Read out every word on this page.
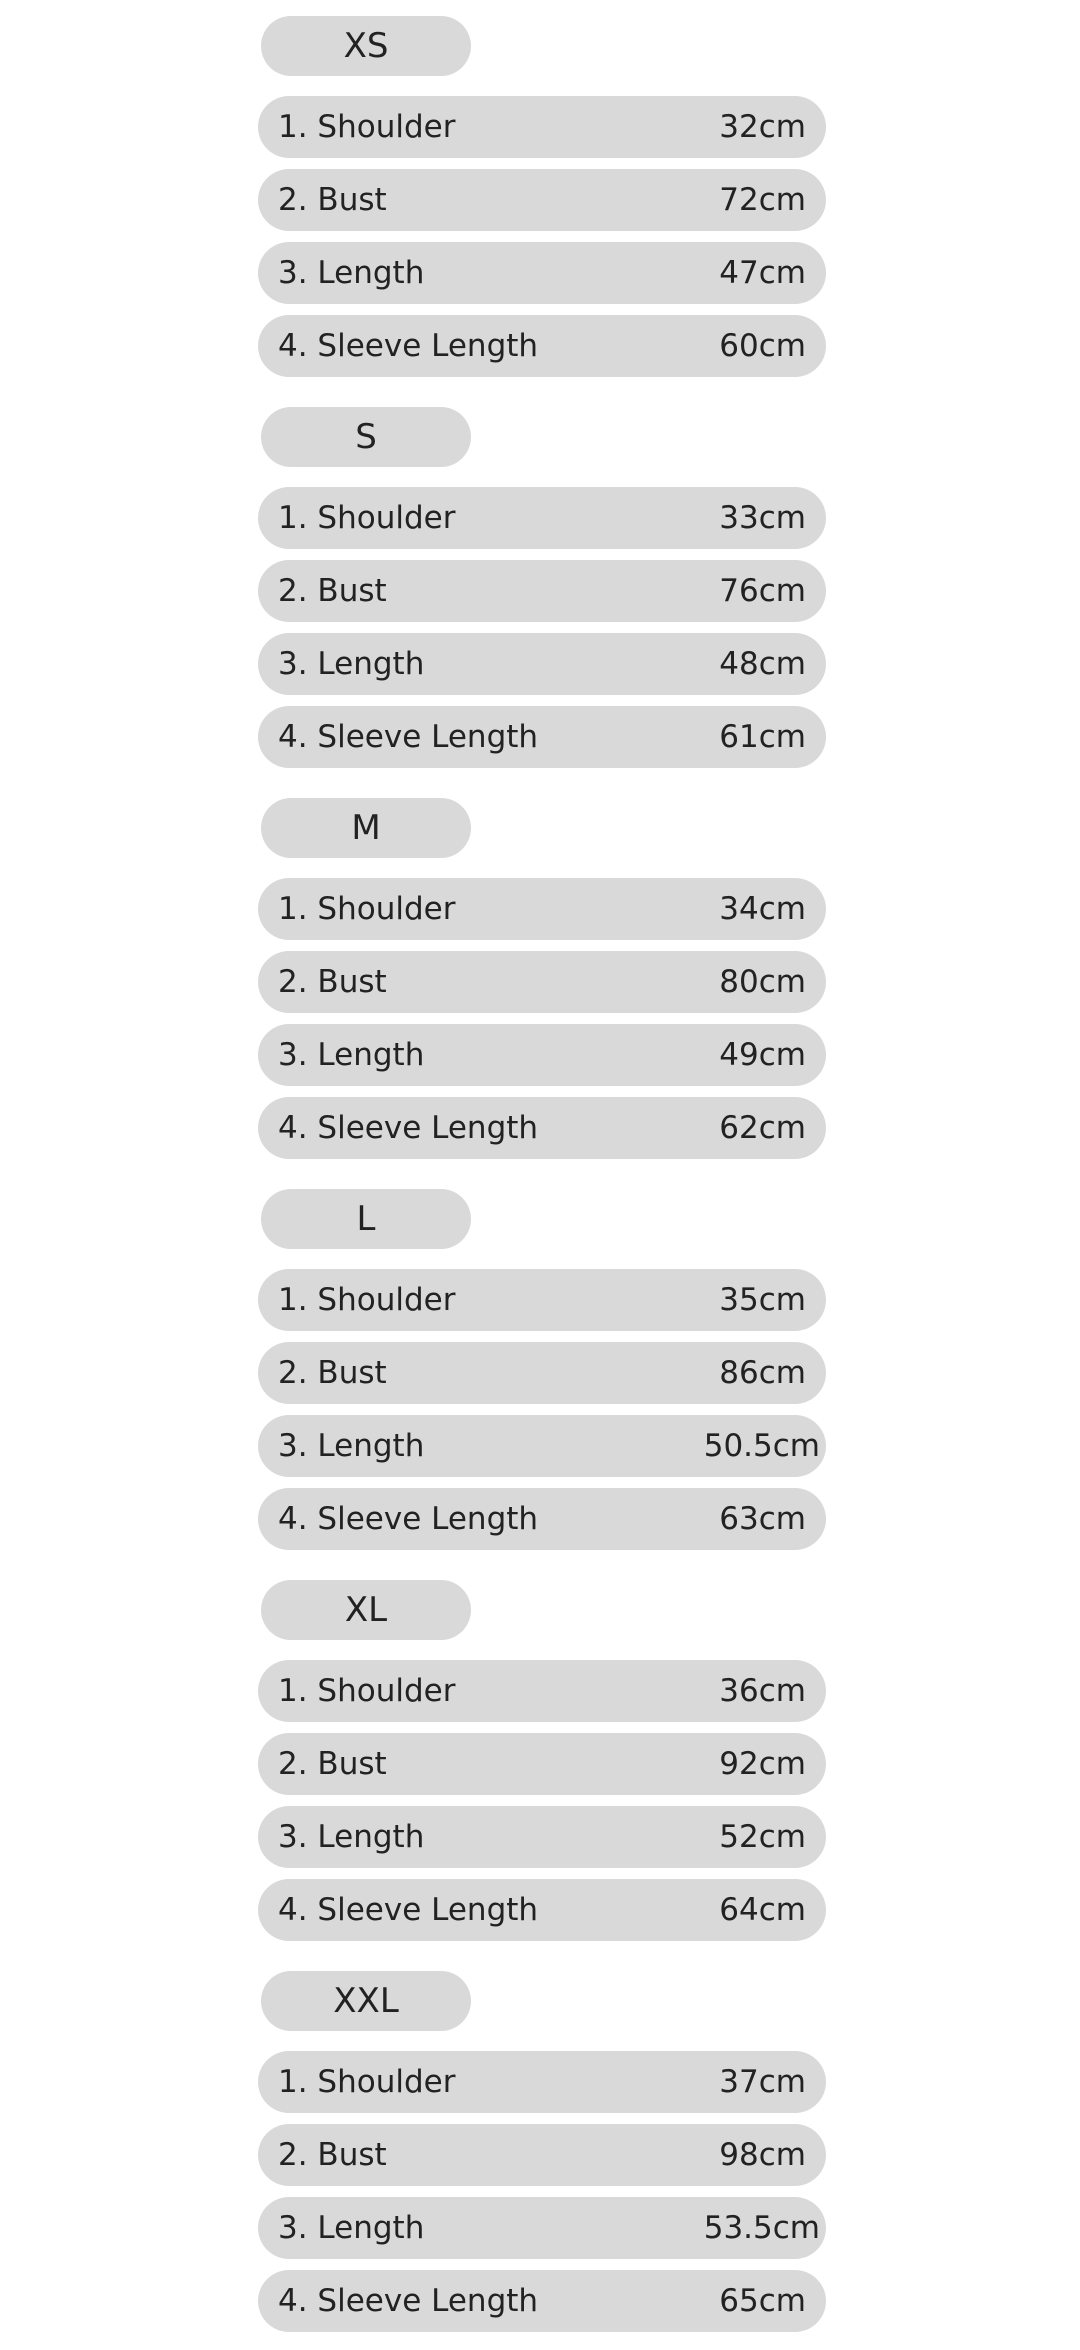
XS
1. Shoulder	32cm
2. Bust	72cm
3. Length	47cm
4. Sleeve Length	60cm
S
1. Shoulder	33cm
2. Bust	76cm
3. Length	48cm
4. Sleeve Length	61cm
M
1. Shoulder	34cm
2. Bust	80cm
3. Length	49cm
4. Sleeve Length	62cm
L
1. Shoulder	35cm
2. Bust	86cm
3. Length	50.5cm
4. Sleeve Length	63cm
XL
1. Shoulder	36cm
2. Bust	92cm
3. Length	52cm
4. Sleeve Length	64cm
XXL
1. Shoulder	37cm
2. Bust	98cm
3. Length	53.5cm
4. Sleeve Length	65cm
